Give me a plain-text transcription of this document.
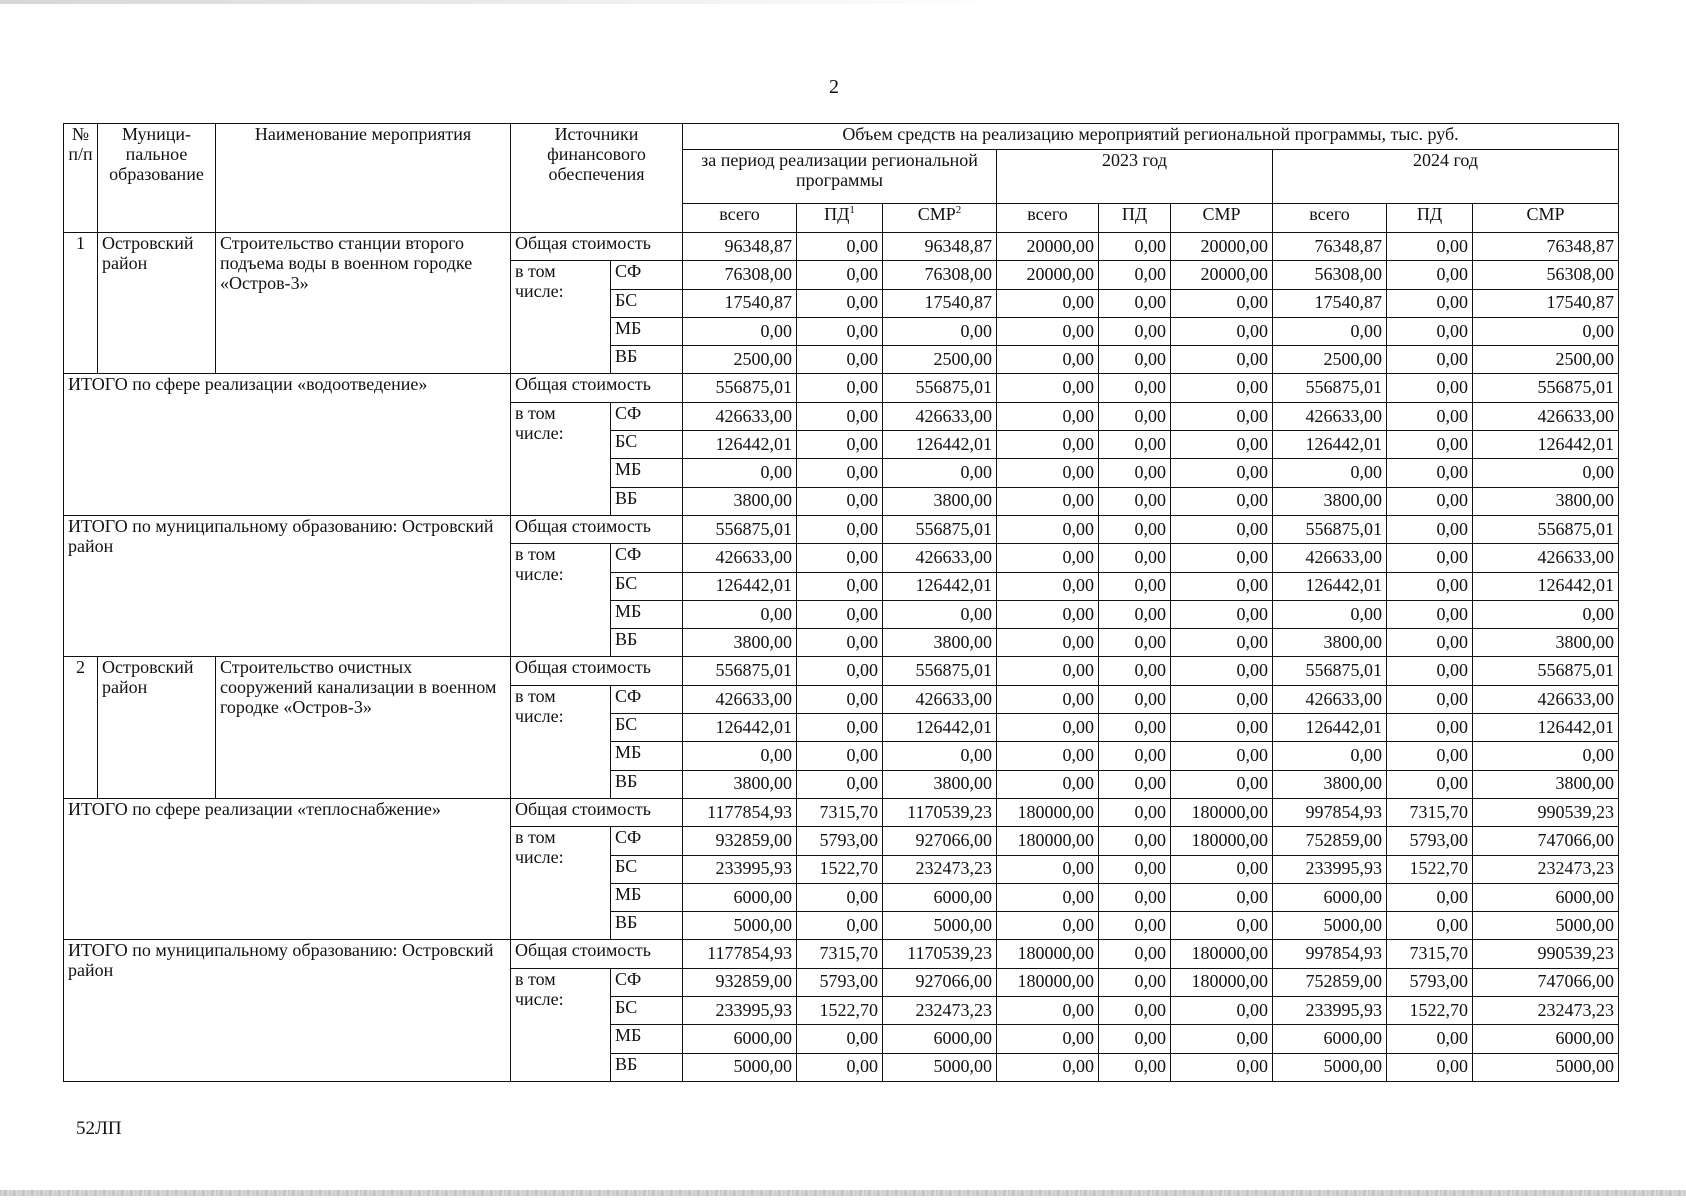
2
№ п/п	Муници-пальное образование	Наименование мероприятия	Источники финансового обеспечения		Объем средств на реализацию мероприятий региональной программы, тыс. руб.								
					за период реализации региональной программы			2023 год			2024 год		
					всего	$ПД^1$	СМР$^2$	всего	ПД	СМР	всего	ПД	СМР
1	Островский район	Строительство станции второго подъема воды в военном городке «Остров-3»	Общая стоимость		96348,87	0,00	96348,87	20000,00	0,00	20000,00	76348,87	0,00	76348,87
			в том числе:	СФ	76308,00	0,00	76308,00	20000,00	0,00	20000,00	56308,00	0,00	56308,00
				БС	17540,87	0,00	17540,87	0,00	0,00	0,00	17540,87	0,00	17540,87
				МБ	0,00	0,00	0,00	0,00	0,00	0,00	0,00	0,00	0,00
				ВБ	2500,00	0,00	2500,00	0,00	0,00	0,00	2500,00	0,00	2500,00
ИТОГО по сфере реализации «водоотведение»			Общая стоимость		556875,01	0,00	556875,01	0,00	0,00	0,00	556875,01	0,00	556875,01
			в том числе:	СФ	426633,00	0,00	426633,00	0,00	0,00	0,00	426633,00	0,00	426633,00
				БС	126442,01	0,00	126442,01	0,00	0,00	0,00	126442,01	0,00	126442,01
				МБ	0,00	0,00	0,00	0,00	0,00	0,00	0,00	0,00	0,00
				ВБ	3800,00	0,00	3800,00	0,00	0,00	0,00	3800,00	0,00	3800,00
ИТОГО по муниципальному образованию: Островский район			Общая стоимость		556875,01	0,00	556875,01	0,00	0,00	0,00	556875,01	0,00	556875,01
			в том числе:	СФ	426633,00	0,00	426633,00	0,00	0,00	0,00	426633,00	0,00	426633,00
				БС	126442,01	0,00	126442,01	0,00	0,00	0,00	126442,01	0,00	126442,01
				МБ	0,00	0,00	0,00	0,00	0,00	0,00	0,00	0,00	0,00
				ВБ	3800,00	0,00	3800,00	0,00	0,00	0,00	3800,00	0,00	3800,00
2	Островский район	Строительство очистных сооружений канализации в военном городке «Остров-3»	Общая стоимость		556875,01	0,00	556875,01	0,00	0,00	0,00	556875,01	0,00	556875,01
			в том числе:	СФ	426633,00	0,00	426633,00	0,00	0,00	0,00	426633,00	0,00	426633,00
				БС	126442,01	0,00	126442,01	0,00	0,00	0,00	126442,01	0,00	126442,01
				МБ	0,00	0,00	0,00	0,00	0,00	0,00	0,00	0,00	0,00
				ВБ	3800,00	0,00	3800,00	0,00	0,00	0,00	3800,00	0,00	3800,00
ИТОГО по сфере реализации «теплоснабжение»			Общая стоимость		1177854,93	7315,70	1170539,23	180000,00	0,00	180000,00	997854,93	7315,70	990539,23
			в том числе:	СФ	932859,00	5793,00	927066,00	180000,00	0,00	180000,00	752859,00	5793,00	747066,00
				БС	233995,93	1522,70	232473,23	0,00	0,00	0,00	233995,93	1522,70	232473,23
				МБ	6000,00	0,00	6000,00	0,00	0,00	0,00	6000,00	0,00	6000,00
				ВБ	5000,00	0,00	5000,00	0,00	0,00	0,00	5000,00	0,00	5000,00
ИТОГО по муниципальному образованию: Островский район			Общая стоимость		1177854,93	7315,70	1170539,23	180000,00	0,00	180000,00	997854,93	7315,70	990539,23
			в том числе:	СФ	932859,00	5793,00	927066,00	180000,00	0,00	180000,00	752859,00	5793,00	747066,00
				БС	233995,93	1522,70	232473,23	0,00	0,00	0,00	233995,93	1522,70	232473,23
				МБ	6000,00	0,00	6000,00	0,00	0,00	0,00	6000,00	0,00	6000,00
				ВБ	5000,00	0,00	5000,00	0,00	0,00	0,00	5000,00	0,00	5000,00
52ЛП
